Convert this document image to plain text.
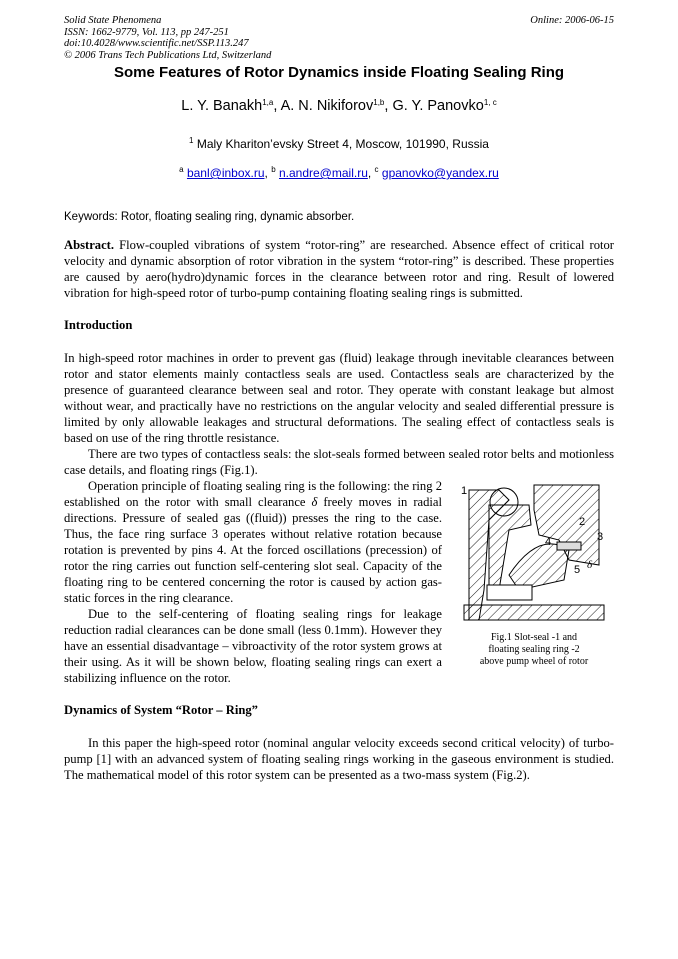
Solid State Phenomena
ISSN: 1662-9779, Vol. 113, pp 247-251
doi:10.4028/www.scientific.net/SSP.113.247
© 2006 Trans Tech Publications Ltd, Switzerland
Online: 2006-06-15
Some Features of Rotor Dynamics inside Floating Sealing Ring
L. Y. Banakh$^{1,a}$, A. N. Nikiforov$^{1,b}$, G. Y. Panovko$^{1, c}$
$^1$ Maly Khariton’evsky Street 4, Moscow, 101990, Russia
$^a$ banl@inbox.ru, $^b$ n.andre@mail.ru, $^c$ gpanovko@yandex.ru
Keywords: Rotor, floating sealing ring, dynamic absorber.

Abstract. Flow-coupled vibrations of system “rotor-ring” are researched. Absence effect of critical rotor velocity and dynamic absorption of rotor vibration in the system “rotor-ring” is described. These properties are caused by aero(hydro)dynamic forces in the clearance between rotor and ring. Result of lowered vibration for high-speed rotor of turbo-pump containing floating sealing rings is submitted.

Introduction

In high-speed rotor machines in order to prevent gas (fluid) leakage through inevitable clearances between rotor and stator elements mainly contactless seals are used. Contactless seals are characterized by the presence of guaranteed clearance between seal and rotor. They operate with constant leakage but almost without wear, and practically have no restrictions on the angular velocity and sealed differential pressure is limited by only allowable leakages and structural deformations. The sealing effect of contactless seals is based on use of the ring throttle resistance.

There are two types of contactless seals: the slot-seals formed between sealed rotor belts and motionless case details, and floating rings (Fig.1).

1
2
3
4
5 δ
Fig.1 Slot-seal -1 and
floating sealing ring -2
above pump wheel of rotor

Operation principle of floating sealing ring is the following: the ring 2 established on the rotor with small clearance δ freely moves in radial directions. Pressure of sealed gas ((fluid)) presses the ring to the case. Thus, the face ring surface 3 operates without relative rotation because rotation is prevented by pins 4. At the forced oscillations (precession) of rotor the ring carries out function self-centering slot seal. Capacity of the floating ring to be centered concerning the rotor is caused by action gas-static forces in the ring clearance.

Due to the self-centering of floating sealing rings for leakage reduction radial clearances can be done small (less 0.1mm). However they have an essential disadvantage – vibroactivity of the rotor system grows at their using. As it will be shown below, floating sealing rings can exert a stabilizing influence on the rotor.

Dynamics of System “Rotor – Ring”

In this paper the high-speed rotor (nominal angular velocity exceeds second critical velocity) of turbo-pump [1] with an advanced system of floating sealing rings working in the gaseous environment is studied. The mathematical model of this rotor system can be presented as a two-mass system (Fig.2).
